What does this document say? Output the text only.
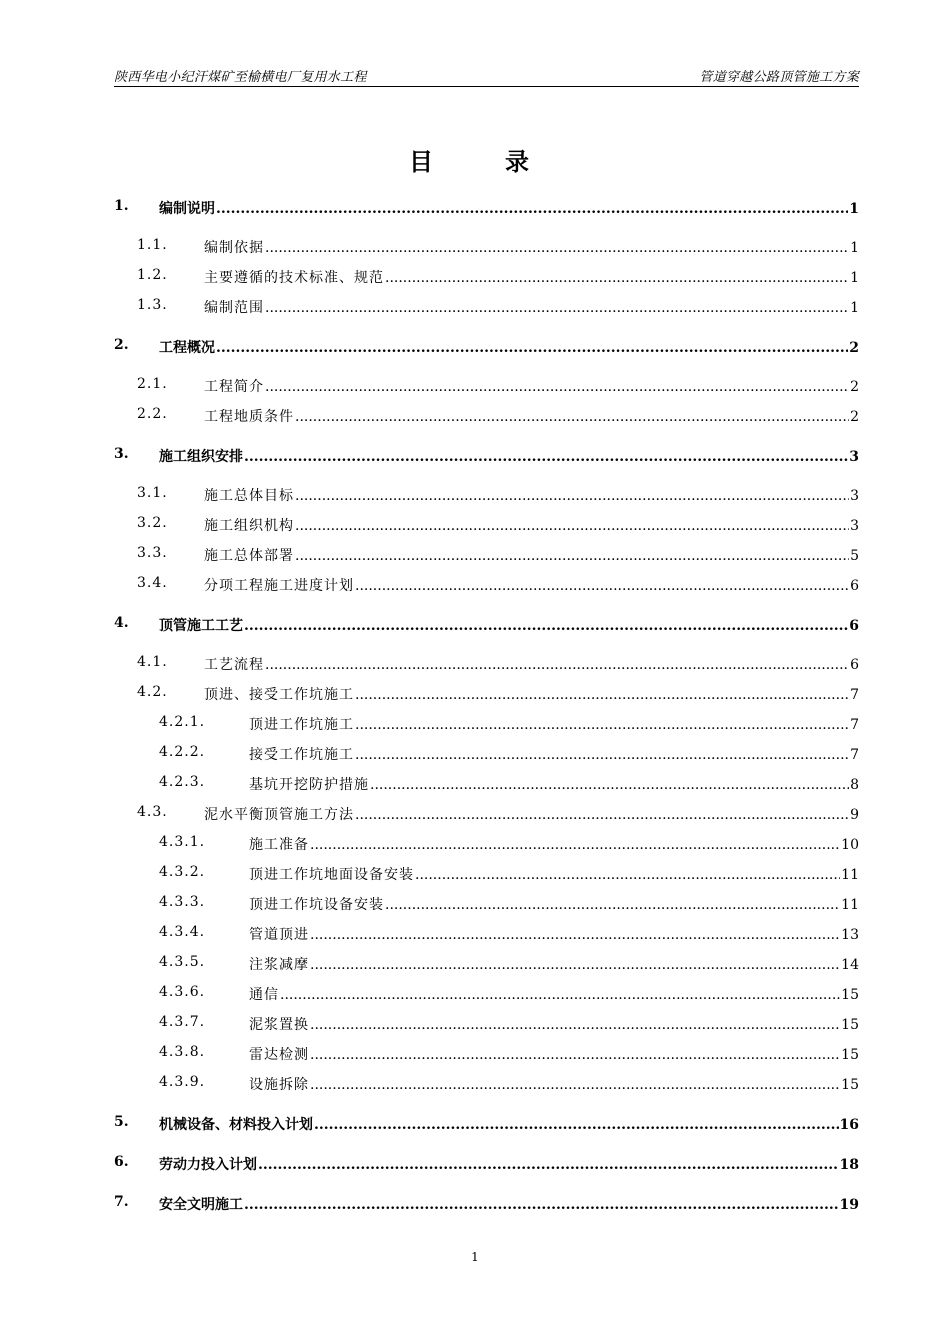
陕西华电小纪汗煤矿至榆横电厂复用水工程	管道穿越公路顶管施工方案
目录
1. 编制说明 .....	1
1.1.	编制依据 .....	1
1.2.	主要遵循的技术标准、规范 .....	1
1.3.	编制范围 .....	1
2. 工程概况 .....	2
2.1.	工程简介 .....	2
2.2.	工程地质条件 .....	2
3. 施工组织安排 .....	3
3.1.	施工总体目标 .....	3
3.2.	施工组织机构 .....	3
3.3.	施工总体部署 .....	5
3.4.	分项工程施工进度计划 .....	6
4. 顶管施工工艺 .....	6
4.1.	工艺流程 .....	6
4.2.	顶进、接受工作坑施工 .....	7
4.2.1.	顶进工作坑施工 .....	7
4.2.2.	接受工作坑施工 .....	7
4.2.3.	基坑开挖防护措施 .....	8
4.3.	泥水平衡顶管施工方法 .....	9
4.3.1.	施工准备 .....	10
4.3.2.	顶进工作坑地面设备安装 .....	11
4.3.3.	顶进工作坑设备安装 .....	11
4.3.4.	管道顶进 .....	13
4.3.5.	注浆减摩 .....	14
4.3.6.	通信 .....	15
4.3.7.	泥浆置换 .....	15
4.3.8.	雷达检测 .....	15
4.3.9.	设施拆除 .....	15
5. 机械设备、材料投入计划 .....	16
6. 劳动力投入计划 .....	18
7. 安全文明施工 .....	19
1
